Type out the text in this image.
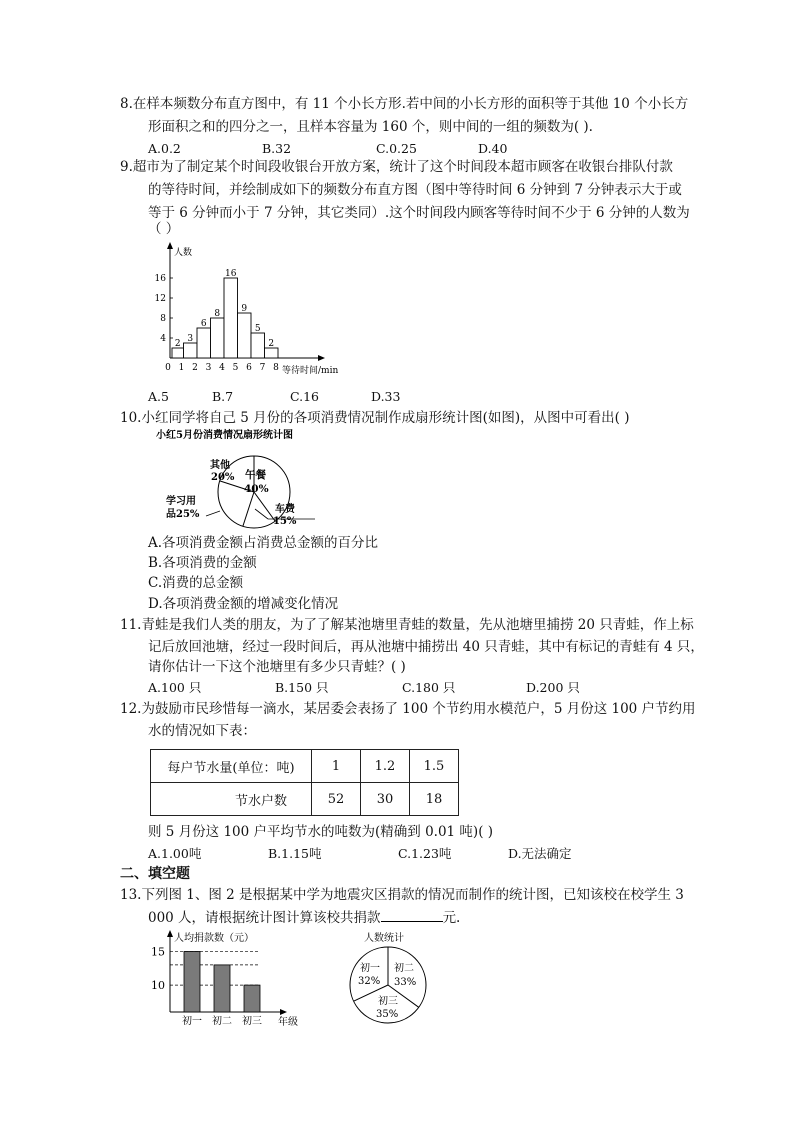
8.在样本频数分布直方图中，有 11 个小长方形.若中间的小长方形的面积等于其他 10 个小长方
形面积之和的四分之一，且样本容量为 160 个，则中间的一组的频数为( ).
A.0.2	B.32	C.0.25	D.40
9.超市为了制定某个时间段收银台开放方案，统计了这个时间段本超市顾客在收银台排队付款
的等待时间，并绘制成如下的频数分布直方图（图中等待时间 6 分钟到 7 分钟表示大于或
等于 6 分钟而小于 7 分钟，其它类同）.这个时间段内顾客等待时间不少于 6 分钟的人数为
（ ）
人数
等待时间/min
2 3
6
8
16
9
5
2
0 1 2 3 4 5 6 7 8
4
8
12
16
A.5	B.7	C.16	D.33
10.小红同学将自己 5 月份的各项消费情况制作成扇形统计图(如图)，从图中可看出( )
小红5月份消费情况扇形统计图
其他
20% 午餐
40%
车费
15%
学习用
品25%
A.各项消费金额占消费总金额的百分比
B.各项消费的金额
C.消费的总金额
D.各项消费金额的增减变化情况
11.青蛙是我们人类的朋友，为了了解某池塘里青蛙的数量，先从池塘里捕捞 20 只青蛙，作上标
记后放回池塘，经过一段时间后，再从池塘中捕捞出 40 只青蛙，其中有标记的青蛙有 4 只，
请你估计一下这个池塘里有多少只青蛙？( )
A.100 只	B.150 只	C.180 只	D.200 只
12.为鼓励市民珍惜每一滴水，某居委会表扬了 100 个节约用水模范户，5 月份这 100 户节约用
水的情况如下表：
每户节水量(单位：吨)	1	1.2	1.5
节水户数	52	30	18
则 5 月份这 100 户平均节水的吨数为(精确到 0.01 吨)( )
A.1.00吨	B.1.15吨	C.1.23吨	D.无法确定
二、填空题
13.下列图 1、图 2 是根据某中学为地震灾区捐款的情况而制作的统计图，已知该校在校学生 3
000 人，请根据统计图计算该校共捐款	元.
人均捐款数（元）
年级
10
15
初一 初二 初三
人数统计
初一
32%
初二
33%
初三
35%
